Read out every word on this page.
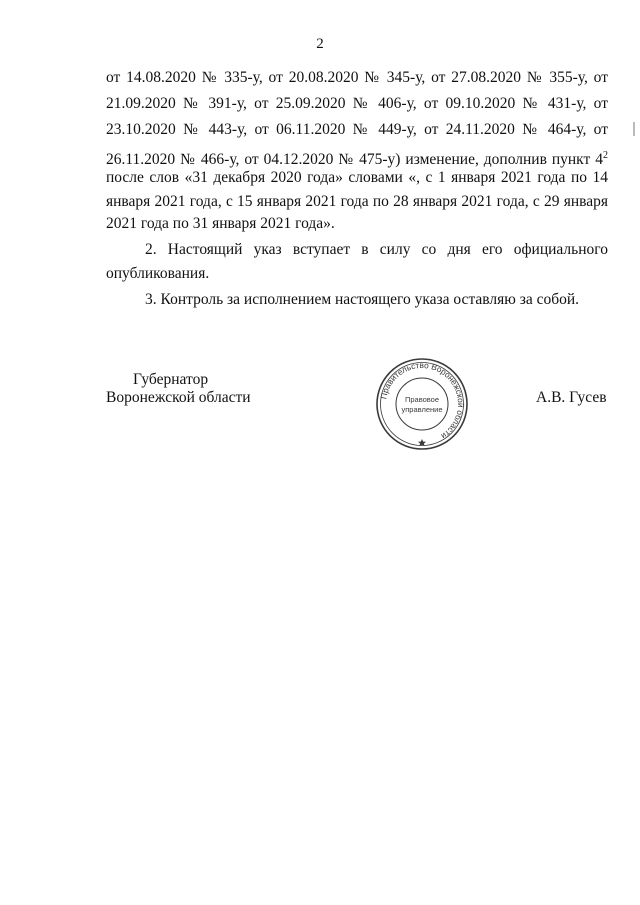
2
от 14.08.2020 № 335-у, от 20.08.2020 № 345-у, от 27.08.2020 № 355-у, от
21.09.2020 № 391-у, от 25.09.2020 № 406-у, от 09.10.2020 № 431-у, от
23.10.2020 № 443-у, от 06.11.2020 № 449-у, от 24.11.2020 № 464-у, от
26.11.2020 № 466-у, от 04.12.2020 № 475-у) изменение, дополнив пункт $4^2$
после слов «31 декабря 2020 года» словами «, с 1 января 2021 года по 14
января 2021 года, с 15 января 2021 года по 28 января 2021 года, с 29 января
2021 года по 31 января 2021 года».
2. Настоящий указ вступает в силу со дня его официального
опубликования.
3. Контроль за исполнением настоящего указа оставляю за собой.
Губернатор
Воронежской области	А.В. Гусев
Правительство Воронежской области
Правовое
управление
